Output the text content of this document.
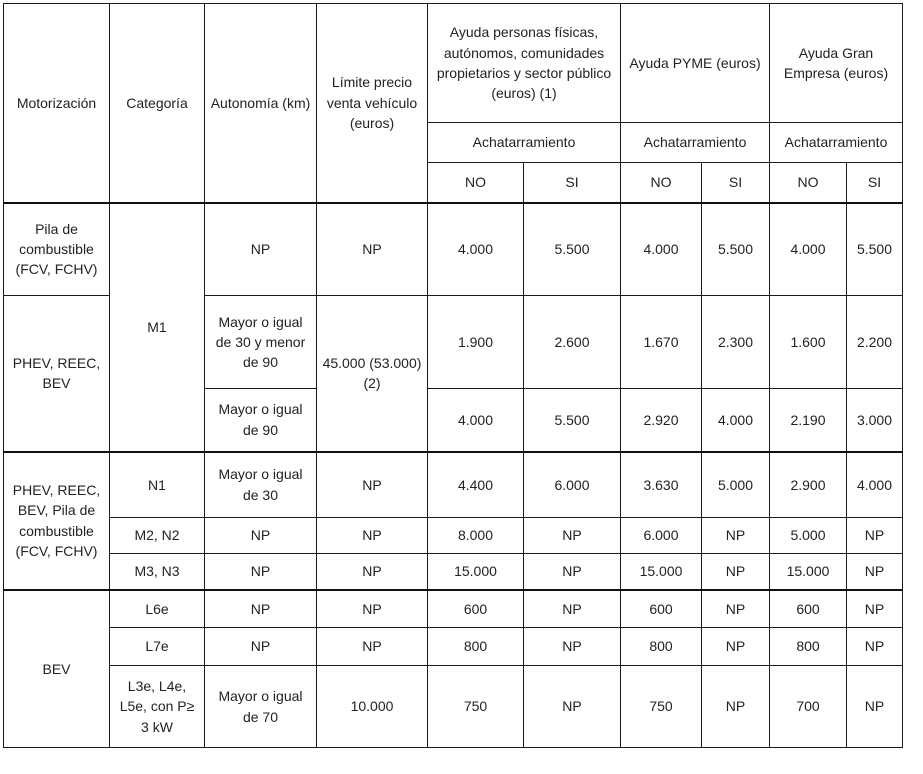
Motorización	Categoría	Autonomía (km)	Límite precio venta vehículo (euros)	Ayuda personas físicas, autónomos, comunidades propietarios y sector público (euros) (1)		Ayuda PYME (euros)		Ayuda Gran Empresa (euros)	
				Achatarramiento		Achatarramiento		Achatarramiento	
				NO	SI	NO	SI	NO	SI
Pila de combustible (FCV, FCHV)	M1	NP	NP	4.000	5.500	4.000	5.500	4.000	5.500
PHEV, REEC, BEV		Mayor o igual de 30 y menor de 90	45.000 (53.000) (2)	1.900	2.600	1.670	2.300	1.600	2.200
		Mayor o igual de 90		4.000	5.500	2.920	4.000	2.190	3.000
PHEV, REEC, BEV, Pila de combustible (FCV, FCHV)	N1	Mayor o igual de 30	NP	4.400	6.000	3.630	5.000	2.900	4.000
	M2, N2	NP	NP	8.000	NP	6.000	NP	5.000	NP
	M3, N3	NP	NP	15.000	NP	15.000	NP	15.000	NP
BEV	L6e	NP	NP	600	NP	600	NP	600	NP
	L7e	NP	NP	800	NP	800	NP	800	NP
	L3e, L4e, L5e, con P≥ 3 kW	Mayor o igual de 70	10.000	750	NP	750	NP	700	NP
